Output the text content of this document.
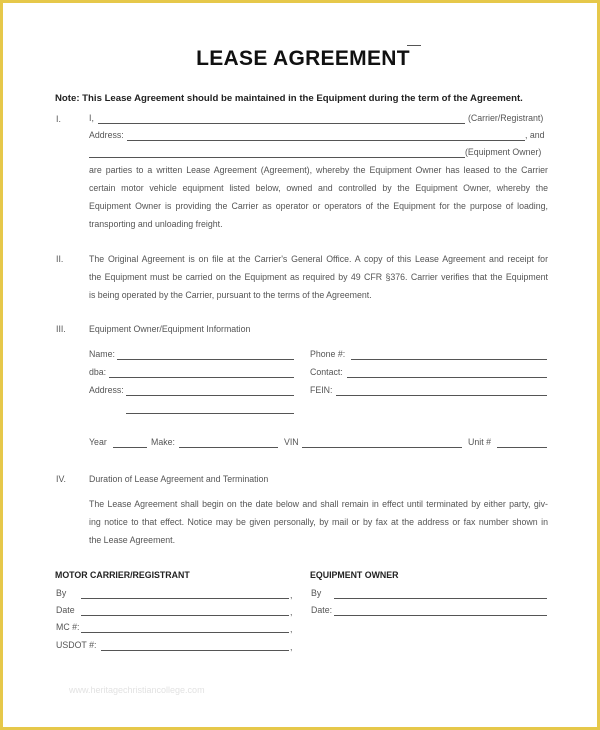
LEASE AGREEMENT
Note: This Lease Agreement should be maintained in the Equipment during the term of the Agreement.
I.	I,	(Carrier/Registrant)
Address:	, and
(Equipment Owner)
are parties to a written Lease Agreement (Agreement), whereby the Equipment Owner has leased to the Carrier
certain motor vehicle equipment listed below, owned and controlled by the Equipment Owner, whereby the
Equipment Owner is providing the Carrier as operator or operators of the Equipment for the purpose of loading,
transporting and unloading freight.
II.	The Original Agreement is on file at the Carrier's General Office. A copy of this Lease Agreement and receipt for
the Equipment must be carried on the Equipment as required by 49 CFR §376. Carrier verifies that the Equipment
is being operated by the Carrier, pursuant to the terms of the Agreement.
III.	Equipment Owner/Equipment Information
Name:	Phone #:
dba:	Contact:
Address:	FEIN:
Year	Make:	VIN	Unit #
IV.	Duration of Lease Agreement and Termination
The Lease Agreement shall begin on the date below and shall remain in effect until terminated by either party, giv-
ing notice to that effect. Notice may be given personally, by mail or by fax at the address or fax number shown in
the Lease Agreement.
MOTOR CARRIER/REGISTRANT	EQUIPMENT OWNER
By	, By
Date	, Date:
MC #:	,
USDOT #:	,
www.heritagechristiancollege.com
